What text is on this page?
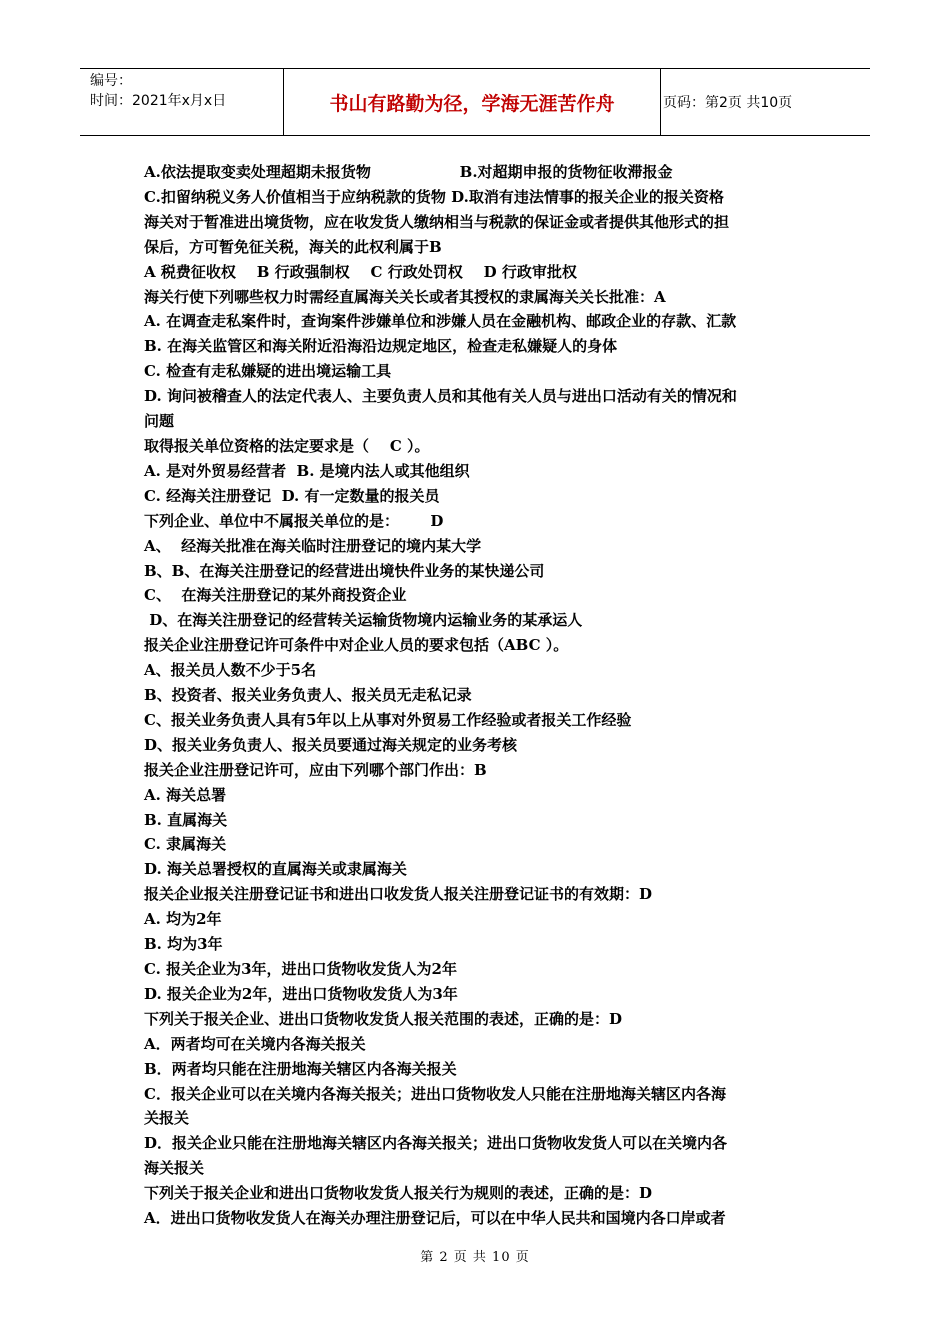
编号：
时间：2021年x月x日	书山有路勤为径，学海无涯苦作舟	页码：第2页 共10页
A.依法提取变卖处理超期未报货物                 B.对超期申报的货物征收滞报金
C.扣留纳税义务人价值相当于应纳税款的货物 D.取消有违法情事的报关企业的报关资格
海关对于暂准进出境货物，应在收发货人缴纳相当与税款的保证金或者提供其他形式的担
保后，方可暂免征关税，海关的此权利属于B
A 税费征收权    B 行政强制权    C 行政处罚权    D 行政审批权
海关行使下列哪些权力时需经直属海关关长或者其授权的隶属海关关长批准：A
A. 在调查走私案件时，查询案件涉嫌单位和涉嫌人员在金融机构、邮政企业的存款、汇款
B. 在海关监管区和海关附近沿海沿边规定地区，检查走私嫌疑人的身体
C. 检查有走私嫌疑的进出境运输工具
D. 询问被稽查人的法定代表人、主要负责人员和其他有关人员与进出口活动有关的情况和
问题
取得报关单位资格的法定要求是（    C ）。
A. 是对外贸易经营者  B. 是境内法人或其他组织
C. 经海关注册登记  D. 有一定数量的报关员
下列企业、单位中不属报关单位的是：      D
A、  经海关批准在海关临时注册登记的境内某大学
B、B、在海关注册登记的经营进出境快件业务的某快递公司
C、  在海关注册登记的某外商投资企业
D、在海关注册登记的经营转关运输货物境内运输业务的某承运人
报关企业注册登记许可条件中对企业人员的要求包括（ABC ）。
A、报关员人数不少于5名
B、投资者、报关业务负责人、报关员无走私记录
C、报关业务负责人具有5年以上从事对外贸易工作经验或者报关工作经验
D、报关业务负责人、报关员要通过海关规定的业务考核
报关企业注册登记许可，应由下列哪个部门作出：B
A. 海关总署
B. 直属海关
C. 隶属海关
D. 海关总署授权的直属海关或隶属海关
报关企业报关注册登记证书和进出口收发货人报关注册登记证书的有效期：D
A. 均为2年
B. 均为3年
C. 报关企业为3年，进出口货物收发货人为2年
D. 报关企业为2年，进出口货物收发货人为3年
下列关于报关企业、进出口货物收发货人报关范围的表述，正确的是：D
A．两者均可在关境内各海关报关
B．两者均只能在注册地海关辖区内各海关报关
C．报关企业可以在关境内各海关报关；进出口货物收发人只能在注册地海关辖区内各海
关报关
D．报关企业只能在注册地海关辖区内各海关报关；进出口货物收发货人可以在关境内各
海关报关
下列关于报关企业和进出口货物收发货人报关行为规则的表述，正确的是：D
A．进出口货物收发货人在海关办理注册登记后，可以在中华人民共和国境内各口岸或者
第 2 页 共 10 页
